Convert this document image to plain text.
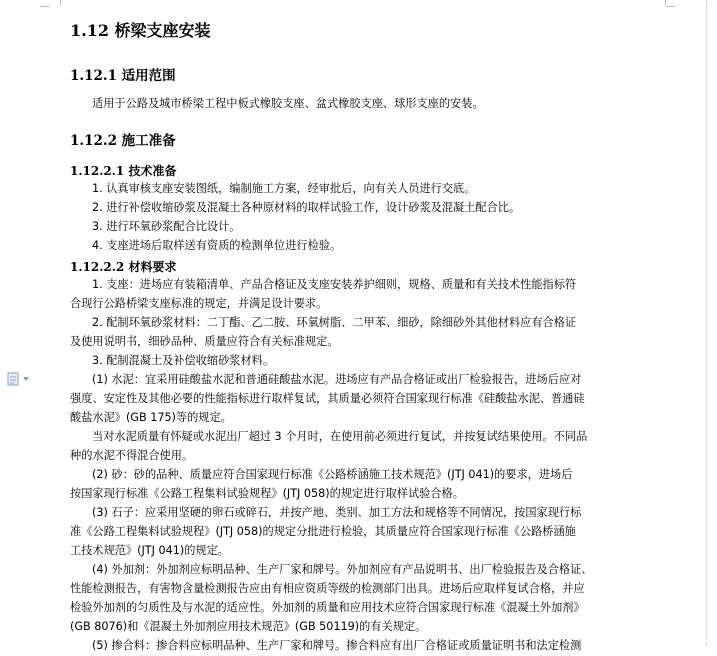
1.12 桥梁支座安装
1.12.1 适用范围
适用于公路及城市桥梁工程中板式橡胶支座、盆式橡胶支座、球形支座的安装。
1.12.2 施工准备
1.12.2.1 技术准备
1. 认真审核支座安装图纸，编制施工方案，经审批后，向有关人员进行交底。
2. 进行补偿收缩砂浆及混凝土各种原材料的取样试验工作，设计砂浆及混凝土配合比。
3. 进行环氧砂浆配合比设计。
4. 支座进场后取样送有资质的检测单位进行检验。
1.12.2.2 材料要求
1. 支座：进场应有装箱清单、产品合格证及支座安装养护细则，规格、质量和有关技术性能指标符
合现行公路桥梁支座标准的规定，并满足设计要求。
2. 配制环氧砂浆材料：二丁酯、乙二胺、环氧树脂、二甲苯、细砂，除细砂外其他材料应有合格证
及使用说明书，细砂品种、质量应符合有关标准规定。
3. 配制混凝土及补偿收缩砂浆材料。
(1) 水泥：宜采用硅酸盐水泥和普通硅酸盐水泥。进场应有产品合格证或出厂检验报告，进场后应对
强度、安定性及其他必要的性能指标进行取样复试，其质量必须符合国家现行标准《硅酸盐水泥、普通硅
酸盐水泥》(GB 175)等的规定。
当对水泥质量有怀疑或水泥出厂超过 3 个月时，在使用前必须进行复试，并按复试结果使用。不同品
种的水泥不得混合使用。
(2) 砂：砂的品种、质量应符合国家现行标准《公路桥涵施工技术规范》(JTJ 041)的要求，进场后
按国家现行标准《公路工程集料试验规程》(JTJ 058)的规定进行取样试验合格。
(3) 石子：应采用坚硬的卵石或碎石，并按产地、类别、加工方法和规格等不同情况，按国家现行标
准《公路工程集料试验规程》(JTJ 058)的规定分批进行检验，其质量应符合国家现行标准《公路桥涵施
工技术规范》(JTJ 041)的规定。
(4) 外加剂：外加剂应标明品种、生产厂家和牌号。外加剂应有产品说明书、出厂检验报告及合格证、
性能检测报告，有害物含量检测报告应由有相应资质等级的检测部门出具。进场后应取样复试合格，并应
检验外加剂的匀质性及与水泥的适应性。外加剂的质量和应用技术应符合国家现行标准《混凝土外加剂》
(GB 8076)和《混凝土外加剂应用技术规范》(GB 50119)的有关规定。
(5) 掺合料：掺合料应标明品种、生产厂家和牌号。掺合料应有出厂合格证或质量证明书和法定检测
